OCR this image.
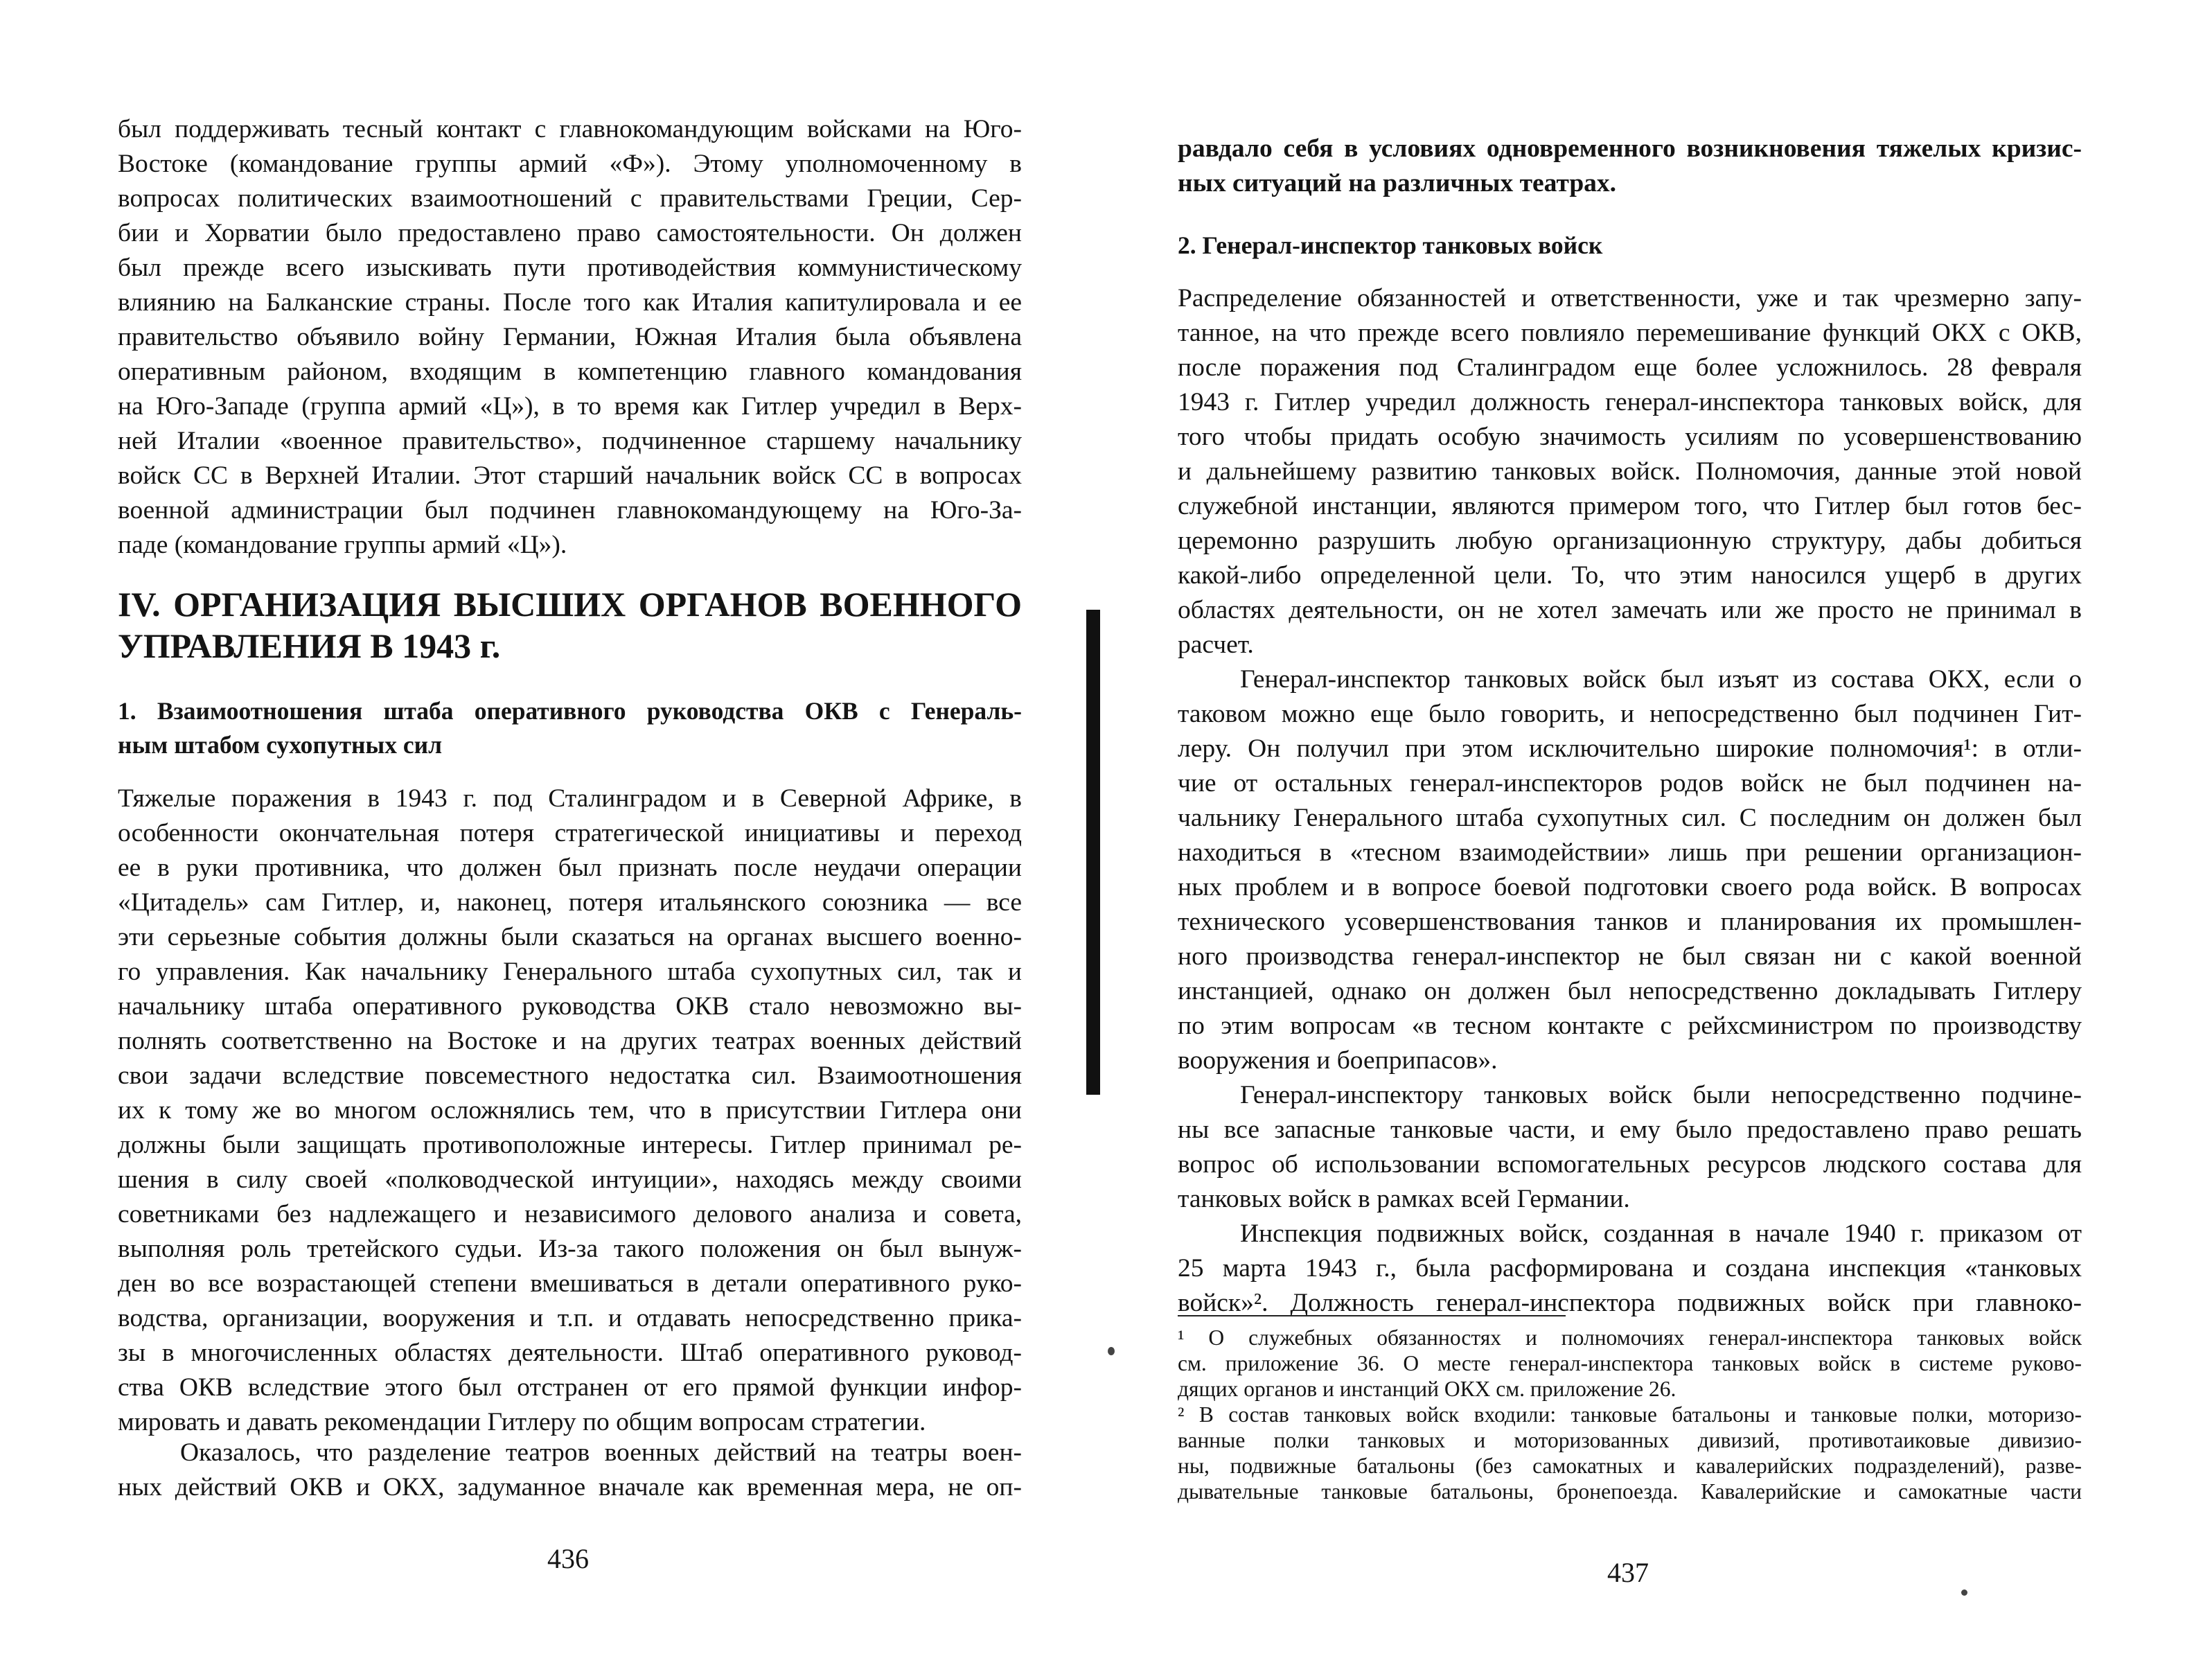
был поддерживать тесный контакт с главнокомандующим войсками на Юго-
Востоке (командование группы армий «Ф»). Этому уполномоченному в
вопросах политических взаимоотношений с правительствами Греции, Сер-
бии и Хорватии было предоставлено право самостоятельности. Он должен
был прежде всего изыскивать пути противодействия коммунистическому
влиянию на Балканские страны. После того как Италия капитулировала и ее
правительство объявило войну Германии, Южная Италия была объявлена
оперативным районом, входящим в компетенцию главного командования
на Юго-Западе (группа армий «Ц»), в то время как Гитлер учредил в Верх-
ней Италии «военное правительство», подчиненное старшему начальнику
войск СС в Верхней Италии. Этот старший начальник войск СС в вопросах
военной администрации был подчинен главнокомандующему на Юго-За-
паде (командование группы армий «Ц»).
IV. ОРГАНИЗАЦИЯ ВЫСШИХ ОРГАНОВ ВОЕННОГО
УПРАВЛЕНИЯ В 1943 г.
1. Взаимоотношения штаба оперативного руководства ОКВ с Генераль-
ным штабом сухопутных сил
Тяжелые поражения в 1943 г. под Сталинградом и в Северной Африке, в
особенности окончательная потеря стратегической инициативы и переход
ее в руки противника, что должен был признать после неудачи операции
«Цитадель» сам Гитлер, и, наконец, потеря итальянского союзника — все
эти серьезные события должны были сказаться на органах высшего военно-
го управления. Как начальнику Генерального штаба сухопутных сил, так и
начальнику штаба оперативного руководства ОКВ стало невозможно вы-
полнять соответственно на Востоке и на других театрах военных действий
свои задачи вследствие повсеместного недостатка сил. Взаимоотношения
их к тому же во многом осложнялись тем, что в присутствии Гитлера они
должны были защищать противоположные интересы. Гитлер принимал ре-
шения в силу своей «полководческой интуиции», находясь между своими
советниками без надлежащего и независимого делового анализа и совета,
выполняя роль третейского судьи. Из-за такого положения он был вынуж-
ден во все возрастающей степени вмешиваться в детали оперативного руко-
водства, организации, вооружения и т.п. и отдавать непосредственно прика-
зы в многочисленных областях деятельности. Штаб оперативного руковод-
ства ОКВ вследствие этого был отстранен от его прямой функции инфор-
мировать и давать рекомендации Гитлеру по общим вопросам стратегии.
Оказалось, что разделение театров военных действий на театры воен-
ных действий ОКВ и ОКХ, задуманное вначале как временная мера, не оп-
436
равдало себя в условиях одновременного возникновения тяжелых кризис-
ных ситуаций на различных театрах.
2. Генерал-инспектор танковых войск
Распределение обязанностей и ответственности, уже и так чрезмерно запу-
танное, на что прежде всего повлияло перемешивание функций ОКХ с ОКВ,
после поражения под Сталинградом еще более усложнилось. 28 февраля
1943 г. Гитлер учредил должность генерал-инспектора танковых войск, для
того чтобы придать особую значимость усилиям по усовершенствованию
и дальнейшему развитию танковых войск. Полномочия, данные этой новой
служебной инстанции, являются примером того, что Гитлер был готов бес-
церемонно разрушить любую организационную структуру, дабы добиться
какой-либо определенной цели. То, что этим наносился ущерб в других
областях деятельности, он не хотел замечать или же просто не принимал в
расчет.
Генерал-инспектор танковых войск был изъят из состава ОКХ, если о
таковом можно еще было говорить, и непосредственно был подчинен Гит-
леру. Он получил при этом исключительно широкие полномочия¹: в отли-
чие от остальных генерал-инспекторов родов войск не был подчинен на-
чальнику Генерального штаба сухопутных сил. С последним он должен был
находиться в «тесном взаимодействии» лишь при решении организацион-
ных проблем и в вопросе боевой подготовки своего рода войск. В вопросах
технического усовершенствования танков и планирования их промышлен-
ного производства генерал-инспектор не был связан ни с какой военной
инстанцией, однако он должен был непосредственно докладывать Гитлеру
по этим вопросам «в тесном контакте с рейхсминистром по производству
вооружения и боеприпасов».
Генерал-инспектору танковых войск были непосредственно подчине-
ны все запасные танковые части, и ему было предоставлено право решать
вопрос об использовании вспомогательных ресурсов людского состава для
танковых войск в рамках всей Германии.
Инспекция подвижных войск, созданная в начале 1940 г. приказом от
25 марта 1943 г., была расформирована и создана инспекция «танковых
войск»². Должность генерал-инспектора подвижных войск при главноко-
¹ О служебных обязанностях и полномочиях генерал-инспектора танковых войск
см. приложение 36. О месте генерал-инспектора танковых войск в системе руково-
дящих органов и инстанций ОКХ см. приложение 26.
² В состав танковых войск входили: танковые батальоны и танковые полки, моторизо-
ванные полки танковых и моторизованных дивизий, противотаиковые дивизио-
ны, подвижные батальоны (без самокатных и кавалерийских подразделений), разве-
дывательные танковые батальоны, бронепоезда. Кавалерийские и самокатные части
437
